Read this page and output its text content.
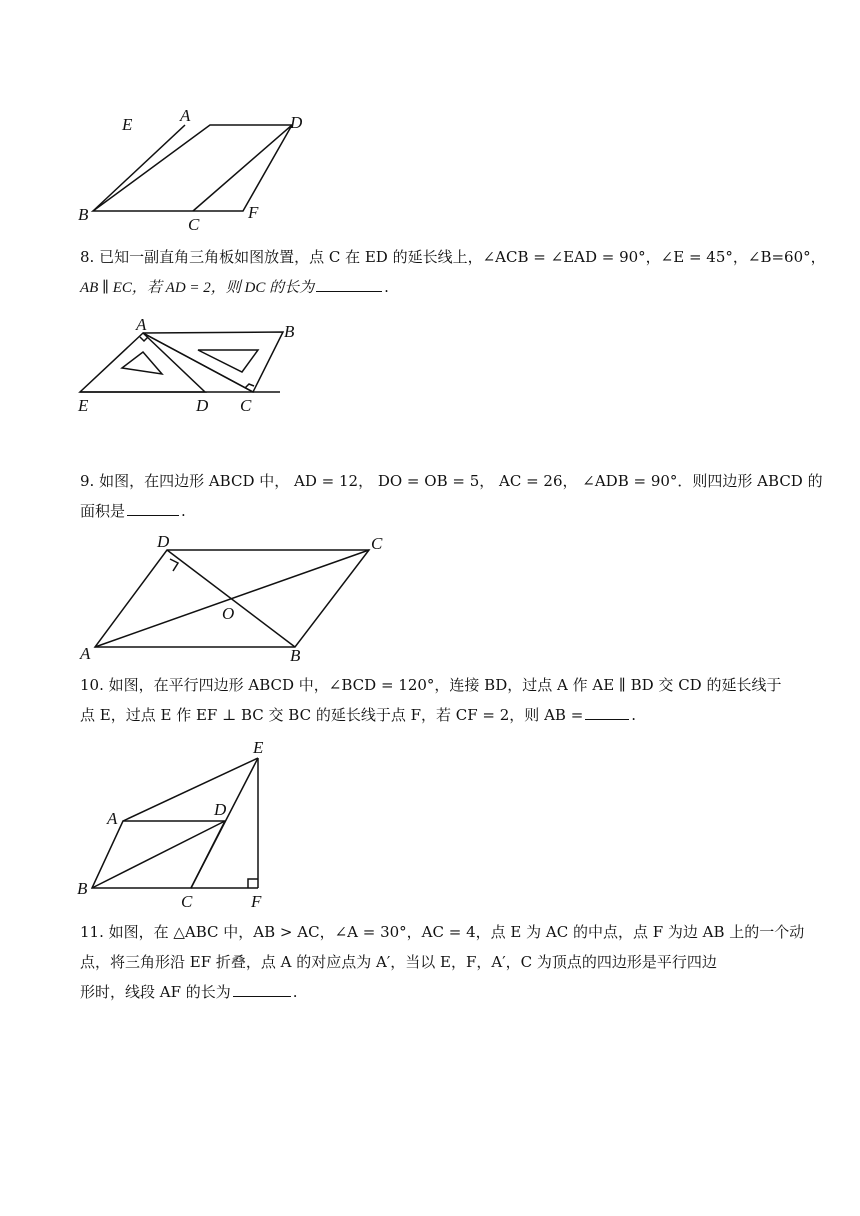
E	A	D
B
C
F
8. 已知一副直角三角板如图放置，点 C 在 ED 的延长线上，∠ACB = ∠EAD = 90°，∠E = 45°，∠B=60°，
AB ∥ EC，若 AD = 2，则 DC 的长为	.
A	B
E	D C
9. 如图，在四边形 ABCD 中， AD = 12， DO = OB = 5， AC = 26， ∠ADB = 90°．则四边形 ABCD 的
面积是	.
D	C
O
A	B
10. 如图，在平行四边形 ABCD 中，∠BCD = 120°，连接 BD，过点 A 作 AE ∥ BD 交 CD 的延长线于
点 E，过点 E 作 EF ⊥ BC 交 BC 的延长线于点 F，若 CF = 2，则 AB =	.
E
A	D
B
C	F
11. 如图，在 △ABC 中，AB > AC，∠A = 30°，AC = 4，点 E 为 AC 的中点，点 F 为边 AB 上的一个动
点，将三角形沿 EF 折叠，点 A 的对应点为 A′，当以 E，F，A′，C 为顶点的四边形是平行四边
形时，线段 AF 的长为	.
